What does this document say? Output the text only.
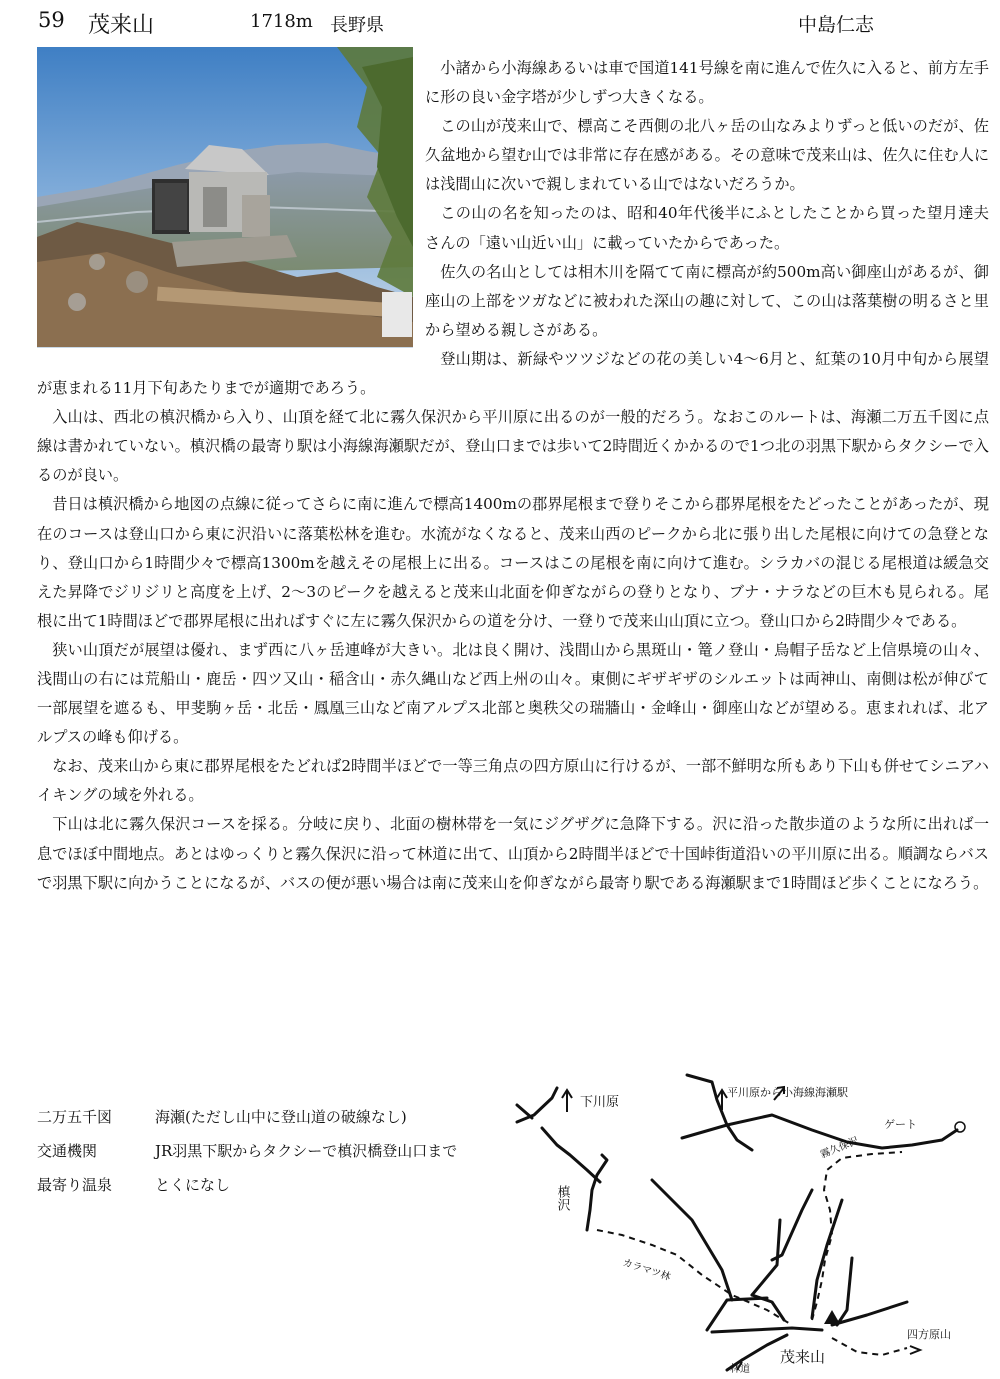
59 茂来山	1718m 長野県	中島仁志

小諸から小海線あるいは車で国道141号線を南に進んで佐久に入ると、前方左手に形の良い金字塔が少しずつ大きくなる。

この山が茂来山で、標高こそ西側の北八ヶ岳の山なみよりずっと低いのだが、佐久盆地から望む山では非常に存在感がある。その意味で茂来山は、佐久に住む人には浅間山に次いで親しまれている山ではないだろうか。

この山の名を知ったのは、昭和40年代後半にふとしたことから買った望月達夫さんの「遠い山近い山」に載っていたからであった。

佐久の名山としては相木川を隔てて南に標高が約500m高い御座山があるが、御座山の上部をツガなどに被われた深山の趣に対して、この山は落葉樹の明るさと里から望める親しさがある。

登山期は、新緑やツツジなどの花の美しい4〜6月と、紅葉の10月中旬から展望が恵まれる11月下旬あたりまでが適期であろう。

入山は、西北の槙沢橋から入り、山頂を経て北に霧久保沢から平川原に出るのが一般的だろう。なおこのルートは、海瀬二万五千図に点線は書かれていない。槙沢橋の最寄り駅は小海線海瀬駅だが、登山口までは歩いて2時間近くかかるので1つ北の羽黒下駅からタクシーで入るのが良い。

昔日は槙沢橋から地図の点線に従ってさらに南に進んで標高1400mの郡界尾根まで登りそこから郡界尾根をたどったことがあったが、現在のコースは登山口から東に沢沿いに落葉松林を進む。水流がなくなると、茂来山西のピークから北に張り出した尾根に向けての急登となり、登山口から1時間少々で標高1300mを越えその尾根上に出る。コースはこの尾根を南に向けて進む。シラカバの混じる尾根道は緩急交えた昇降でジリジリと高度を上げ、2〜3のピークを越えると茂来山北面を仰ぎながらの登りとなり、ブナ・ナラなどの巨木も見られる。尾根に出て1時間ほどで郡界尾根に出ればすぐに左に霧久保沢からの道を分け、一登りで茂来山山頂に立つ。登山口から2時間少々である。

狭い山頂だが展望は優れ、まず西に八ヶ岳連峰が大きい。北は良く開け、浅間山から黒斑山・篭ノ登山・烏帽子岳など上信県境の山々、浅間山の右には荒船山・鹿岳・四ツ又山・稲含山・赤久縄山など西上州の山々。東側にギザギザのシルエットは両神山、南側は松が伸びて一部展望を遮るも、甲斐駒ヶ岳・北岳・鳳凰三山など南アルプス北部と奥秩父の瑞牆山・金峰山・御座山などが望める。恵まれれば、北アルプスの峰も仰げる。

なお、茂来山から東に郡界尾根をたどれば2時間半ほどで一等三角点の四方原山に行けるが、一部不鮮明な所もあり下山も併せてシニアハイキングの域を外れる。

下山は北に霧久保沢コースを採る。分岐に戻り、北面の樹林帯を一気にジグザグに急降下する。沢に沿った散歩道のような所に出れば一息でほぼ中間地点。あとはゆっくりと霧久保沢に沿って林道に出て、山頂から2時間半ほどで十国峠街道沿いの平川原に出る。順調ならバスで羽黒下駅に向かうことになるが、バスの便が悪い場合は南に茂来山を仰ぎながら最寄り駅である海瀬駅まで1時間ほど歩くことになろう。

二万五千図	海瀬(ただし山中に登山道の破線なし)
交通機関	JR羽黒下駅からタクシーで槙沢橋登山口まで
最寄り温泉	とくになし
下川原
平川原から小海線海瀬駅
ゲート
霧久保沢
槙沢
カラマツ林
茂来山
四方原山
林道
